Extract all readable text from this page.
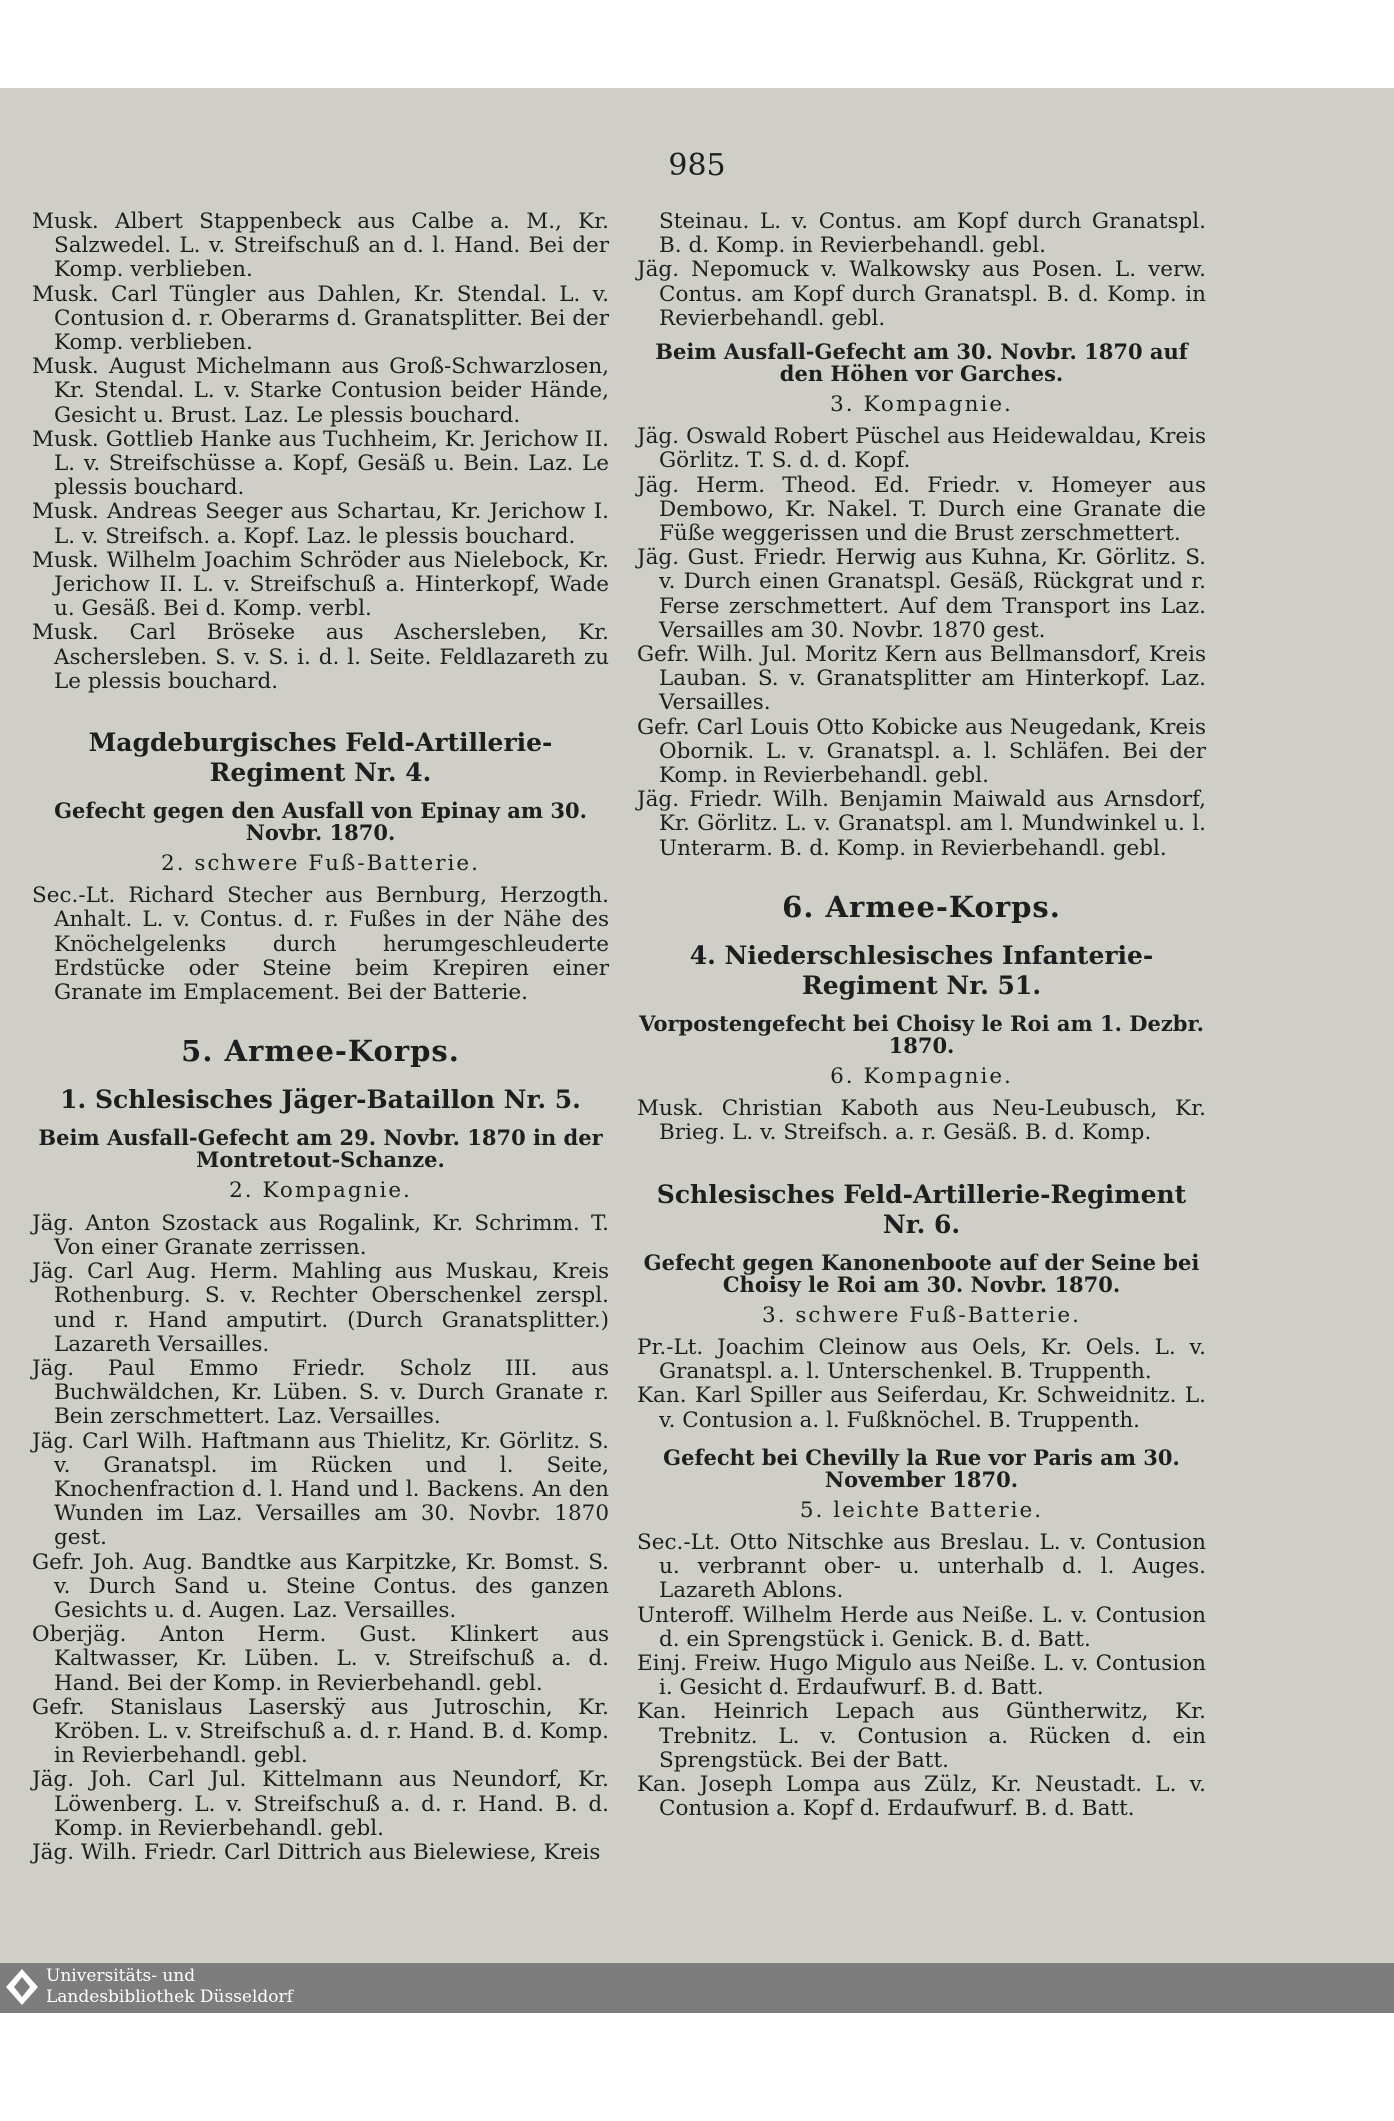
985

Musk. Albert Stappenbeck aus Calbe a. M., Kr. Salzwedel. L. v. Streifschuß an d. l. Hand. Bei der Komp. verblieben.

Musk. Carl Tüngler aus Dahlen, Kr. Stendal. L. v. Contusion d. r. Oberarms d. Granatsplitter. Bei der Komp. verblieben.

Musk. August Michelmann aus Groß-Schwarzlosen, Kr. Stendal. L. v. Starke Contusion beider Hände, Gesicht u. Brust. Laz. Le plessis bouchard.

Musk. Gottlieb Hanke aus Tuchheim, Kr. Jerichow II. L. v. Streifschüsse a. Kopf, Gesäß u. Bein. Laz. Le plessis bouchard.

Musk. Andreas Seeger aus Schartau, Kr. Jerichow I. L. v. Streifsch. a. Kopf. Laz. le plessis bouchard.

Musk. Wilhelm Joachim Schröder aus Nielebock, Kr. Jerichow II. L. v. Streifschuß a. Hinterkopf, Wade u. Gesäß. Bei d. Komp. verbl.

Musk. Carl Bröseke aus Aschersleben, Kr. Aschersleben. S. v. S. i. d. l. Seite. Feldlazareth zu Le plessis bouchard.

Magdeburgisches Feld-Artillerie-Regiment Nr. 4.
Gefecht gegen den Ausfall von Epinay am 30. Novbr. 1870.
2. schwere Fuß-Batterie.

Sec.-Lt. Richard Stecher aus Bernburg, Herzogth. Anhalt. L. v. Contus. d. r. Fußes in der Nähe des Knöchelgelenks durch herumgeschleuderte Erdstücke oder Steine beim Krepiren einer Granate im Emplacement. Bei der Batterie.

5. Armee-Korps.
1. Schlesisches Jäger-Bataillon Nr. 5.
Beim Ausfall-Gefecht am 29. Novbr. 1870 in der Montretout-Schanze.
2. Kompagnie.

Jäg. Anton Szostack aus Rogalink, Kr. Schrimm. T. Von einer Granate zerrissen.

Jäg. Carl Aug. Herm. Mahling aus Muskau, Kreis Rothenburg. S. v. Rechter Oberschenkel zerspl. und r. Hand amputirt. (Durch Granatsplitter.) Lazareth Versailles.

Jäg. Paul Emmo Friedr. Scholz III. aus Buchwäldchen, Kr. Lüben. S. v. Durch Granate r. Bein zerschmettert. Laz. Versailles.

Jäg. Carl Wilh. Haftmann aus Thielitz, Kr. Görlitz. S. v. Granatspl. im Rücken und l. Seite, Knochenfraction d. l. Hand und l. Backens. An den Wunden im Laz. Versailles am 30. Novbr. 1870 gest.

Gefr. Joh. Aug. Bandtke aus Karpitzke, Kr. Bomst. S. v. Durch Sand u. Steine Contus. des ganzen Gesichts u. d. Augen. Laz. Versailles.

Oberjäg. Anton Herm. Gust. Klinkert aus Kaltwasser, Kr. Lüben. L. v. Streifschuß a. d. Hand. Bei der Komp. in Revierbehandl. gebl.

Gefr. Stanislaus Laserskÿ aus Jutroschin, Kr. Kröben. L. v. Streifschuß a. d. r. Hand. B. d. Komp. in Revierbehandl. gebl.

Jäg. Joh. Carl Jul. Kittelmann aus Neundorf, Kr. Löwenberg. L. v. Streifschuß a. d. r. Hand. B. d. Komp. in Revierbehandl. gebl.

Jäg. Wilh. Friedr. Carl Dittrich aus Bielewiese, Kreis

Steinau. L. v. Contus. am Kopf durch Granatspl. B. d. Komp. in Revierbehandl. gebl.

Jäg. Nepomuck v. Walkowsky aus Posen. L. verw. Contus. am Kopf durch Granatspl. B. d. Komp. in Revierbehandl. gebl.

Beim Ausfall-Gefecht am 30. Novbr. 1870 auf den Höhen vor Garches.
3. Kompagnie.

Jäg. Oswald Robert Püschel aus Heidewaldau, Kreis Görlitz. T. S. d. d. Kopf.

Jäg. Herm. Theod. Ed. Friedr. v. Homeyer aus Dembowo, Kr. Nakel. T. Durch eine Granate die Füße weggerissen und die Brust zerschmettert.

Jäg. Gust. Friedr. Herwig aus Kuhna, Kr. Görlitz. S. v. Durch einen Granatspl. Gesäß, Rückgrat und r. Ferse zerschmettert. Auf dem Transport ins Laz. Versailles am 30. Novbr. 1870 gest.

Gefr. Wilh. Jul. Moritz Kern aus Bellmansdorf, Kreis Lauban. S. v. Granatsplitter am Hinterkopf. Laz. Versailles.

Gefr. Carl Louis Otto Kobicke aus Neugedank, Kreis Obornik. L. v. Granatspl. a. l. Schläfen. Bei der Komp. in Revierbehandl. gebl.

Jäg. Friedr. Wilh. Benjamin Maiwald aus Arnsdorf, Kr. Görlitz. L. v. Granatspl. am l. Mundwinkel u. l. Unterarm. B. d. Komp. in Revierbehandl. gebl.

6. Armee-Korps.
4. Niederschlesisches Infanterie-Regiment Nr. 51.
Vorpostengefecht bei Choisy le Roi am 1. Dezbr. 1870.
6. Kompagnie.

Musk. Christian Kaboth aus Neu-Leubusch, Kr. Brieg. L. v. Streifsch. a. r. Gesäß. B. d. Komp.

Schlesisches Feld-Artillerie-Regiment Nr. 6.
Gefecht gegen Kanonenboote auf der Seine bei Choisy le Roi am 30. Novbr. 1870.
3. schwere Fuß-Batterie.

Pr.-Lt. Joachim Cleinow aus Oels, Kr. Oels. L. v. Granatspl. a. l. Unterschenkel. B. Truppenth.

Kan. Karl Spiller aus Seiferdau, Kr. Schweidnitz. L. v. Contusion a. l. Fußknöchel. B. Truppenth.

Gefecht bei Chevilly la Rue vor Paris am 30. November 1870.
5. leichte Batterie.

Sec.-Lt. Otto Nitschke aus Breslau. L. v. Contusion u. verbrannt ober- u. unterhalb d. l. Auges. Lazareth Ablons.

Unteroff. Wilhelm Herde aus Neiße. L. v. Contusion d. ein Sprengstück i. Genick. B. d. Batt.

Einj. Freiw. Hugo Migulo aus Neiße. L. v. Contusion i. Gesicht d. Erdaufwurf. B. d. Batt.

Kan. Heinrich Lepach aus Güntherwitz, Kr. Trebnitz. L. v. Contusion a. Rücken d. ein Sprengstück. Bei der Batt.

Kan. Joseph Lompa aus Zülz, Kr. Neustadt. L. v. Contusion a. Kopf d. Erdaufwurf. B. d. Batt.

Universitäts- und
Landesbibliothek Düsseldorf
